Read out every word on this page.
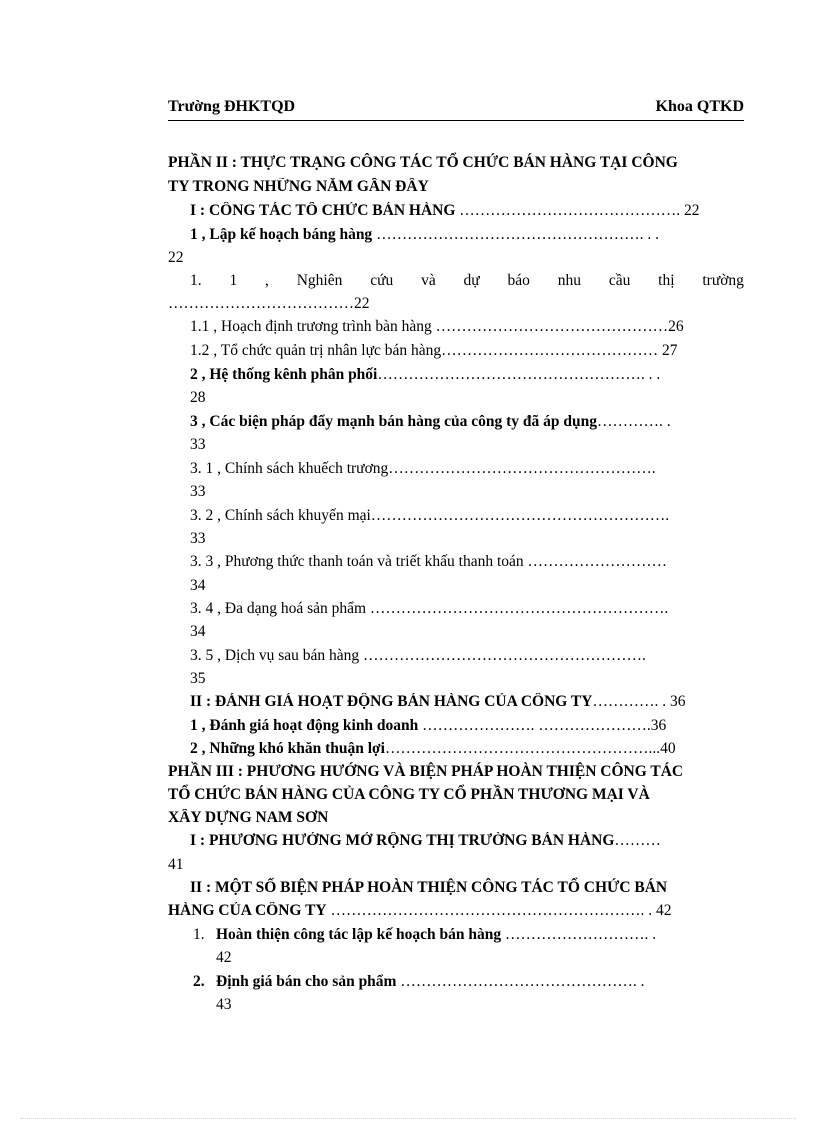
Trường ĐHKTQD	Khoa QTKD
PHẦN II : THỰC TRẠNG CÔNG TÁC TỔ CHỨC BÁN HÀNG TẠI CÔNG
TY TRONG NHỮNG NĂM GẦN ĐÂY
I : CÔNG TÁC TỔ CHỨC BÁN HÀNG ……………………………………. 22
1 , Lập kế hoạch báng hàng ……………………………………………. . .
22
1. 1 , Nghiên cứu và dự báo nhu cầu thị trường
………………………………22
1.1 , Hoạch định trương trình bàn hàng ………………………………………26
1.2 , Tổ chức quản trị nhân lực bán hàng…………………………………… 27
2 , Hệ thống kênh phân phối……………………………………………. . .
28
3 , Các biện pháp đẩy mạnh bán hàng của công ty đã áp dụng…………. .
33
3. 1 , Chính sách khuếch trương…………………………………………….
33
3. 2 , Chính sách khuyến mại………………………………………………….
33
3. 3 , Phương thức thanh toán và triết khấu thanh toán ………………………
34
3. 4 , Đa dạng hoá sản phẩm ………………………………………………….
34
3. 5 , Dịch vụ sau bán hàng ……………………………………………….
35
II : ĐÁNH GIÁ HOẠT ĐỘNG BÁN HÀNG CỦA CÔNG TY…………. . 36
1 , Đánh giá hoạt động kinh doanh …………………. ………………….36
2 , Những khó khăn thuận lợi……………………………………………...40
PHẦN III : PHƯƠNG HƯỚNG VÀ BIỆN PHÁP HOÀN THIỆN CÔNG TÁC
TỔ CHỨC BÁN HÀNG CỦA CÔNG TY CỔ PHẦN THƯƠNG MẠI VÀ
XÂY DỰNG NAM SƠN
I : PHƯƠNG HƯỚNG MỞ RỘNG THỊ TRƯỜNG BÁN HÀNG………
41
II : MỘT SỐ BIỆN PHÁP HOÀN THIỆN CÔNG TÁC TỔ CHỨC BÁN
HÀNG CỦA CÔNG TY ……………………………………………………. . 42
1. Hoàn thiện công tác lập kế hoạch bán hàng ………………………. .
42
2. Định giá bán cho sản phẩm ………………………………………. .
43
